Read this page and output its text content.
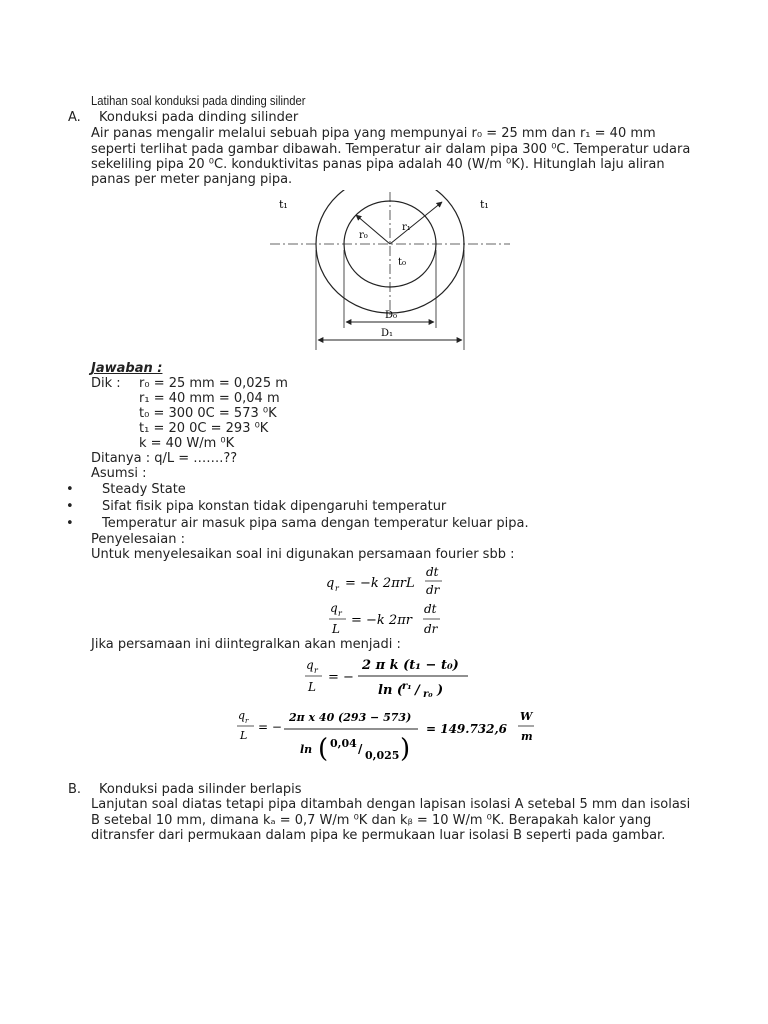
Latihan soal konduksi pada dinding silinder
A. Konduksi pada dinding silinder
Air panas mengalir melalui sebuah pipa yang mempunyai r₀ = 25 mm dan r₁ = 40 mm
seperti terlihat pada gambar dibawah. Temperatur air dalam pipa 300 ⁰C. Temperatur udara
sekeliling pipa 20 ⁰C. konduktivitas panas pipa adalah 40 (W/m ⁰K). Hitunglah laju aliran
panas per meter panjang pipa.
t₁	t₁
r₀
r₁
t₀
D₀
D₁
Jawaban :
Dik : r₀ = 25 mm = 0,025 m
r₁ = 40 mm = 0,04 m
t₀ = 300 0C = 573 ⁰K
t₁ = 20 0C = 293 ⁰K
k = 40 W/m ⁰K
Ditanya : q/L = …….??
Asumsi :
• Steady State
• Sifat fisik pipa konstan tidak dipengaruhi temperatur
• Temperatur air masuk pipa sama dengan temperatur keluar pipa.
Penyelesaian :
Untuk menyelesaikan soal ini digunakan persamaan fourier sbb :
q r = −k 2πrL
dt
dr
q r
L
= −k 2πr
dt
dr
Jika persamaan ini diintegralkan akan menjadi :
q r
L
= −
2 π k (t₁ − t₀)
ln (
r₁ / r₀ )
q r
L
= −
2π x 40 (293 − 573)
ln ( 0,04 / 0,025 )
= 149.732,6
W
m
B. Konduksi pada silinder berlapis
Lanjutan soal diatas tetapi pipa ditambah dengan lapisan isolasi A setebal 5 mm dan isolasi
B setebal 10 mm, dimana kₐ = 0,7 W/m ⁰K dan kᵦ = 10 W/m ⁰K. Berapakah kalor yang
ditransfer dari permukaan dalam pipa ke permukaan luar isolasi B seperti pada gambar.
